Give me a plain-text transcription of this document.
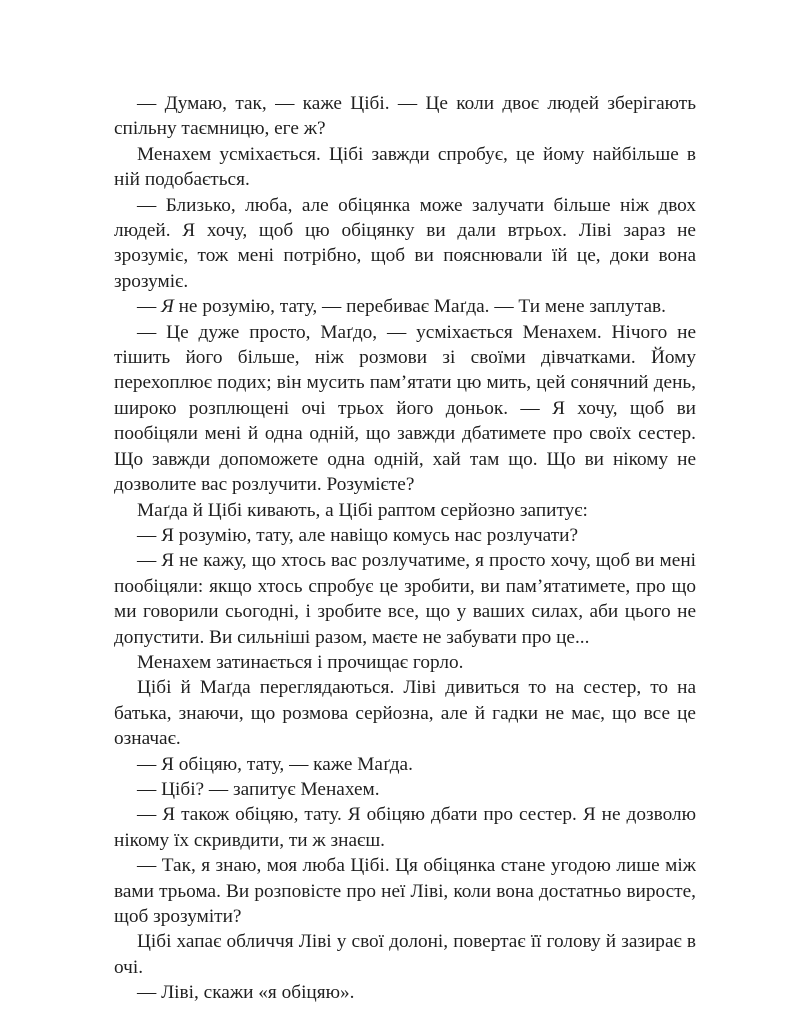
— Думаю, так, — каже Цібі. — Це коли двоє людей зберігають спільну таємницю, еге ж?

Менахем усміхається. Цібі завжди спробує, це йому найбільше в ній подобається.

— Близько, люба, але обіцянка може залучати більше ніж двох людей. Я хочу, щоб цю обіцянку ви дали втрьох. Ліві зараз не зрозуміє, тож мені потрібно, щоб ви пояснювали їй це, доки вона зрозуміє.

— Я не розумію, тату, — перебиває Маґда. — Ти мене заплутав.

— Це дуже просто, Маґдо, — усміхається Менахем. Нічого не тішить його більше, ніж розмови зі своїми дівчатками. Йому перехоплює подих; він мусить пам’ятати цю мить, цей сонячний день, широко розплющені очі трьох його доньок. — Я хочу, щоб ви пообіцяли мені й одна одній, що завжди дбатимете про своїх сестер. Що завжди допоможете одна одній, хай там що. Що ви нікому не дозволите вас розлучити. Розумієте?

Маґда й Цібі кивають, а Цібі раптом серйозно запитує:

— Я розумію, тату, але навіщо комусь нас розлучати?

— Я не кажу, що хтось вас розлучатиме, я просто хочу, щоб ви мені пообіцяли: якщо хтось спробує це зробити, ви пам’ятатимете, про що ми говорили сьогодні, і зробите все, що у ваших силах, аби цього не допустити. Ви сильніші разом, маєте не забувати про це...

Менахем затинається і прочищає горло.

Цібі й Маґда переглядаються. Ліві дивиться то на сестер, то на батька, знаючи, що розмова серйозна, але й гадки не має, що все це означає.

— Я обіцяю, тату, — каже Маґда.

— Цібі? — запитує Менахем.

— Я також обіцяю, тату. Я обіцяю дбати про сестер. Я не дозволю нікому їх скривдити, ти ж знаєш.

— Так, я знаю, моя люба Цібі. Ця обіцянка стане угодою лише між вами трьома. Ви розповісте про неї Ліві, коли вона достатньо виросте, щоб зрозуміти?

Цібі хапає обличчя Ліві у свої долоні, повертає її голову й зазирає в очі.

— Ліві, скажи «я обіцяю».
